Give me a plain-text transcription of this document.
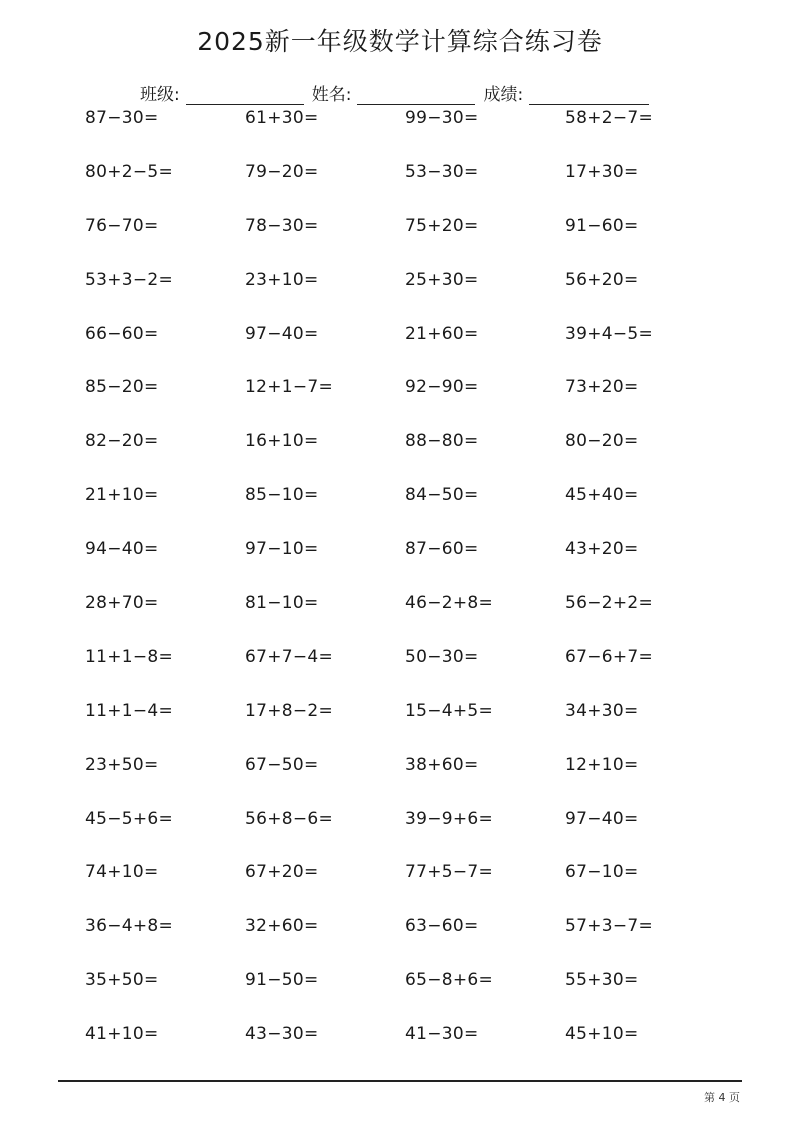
2025新一年级数学计算综合练习卷
班级:	姓名:	成绩:
87−30=	61+30=	99−30=	58+2−7=
80+2−5=	79−20=	53−30=	17+30=
76−70=	78−30=	75+20=	91−60=
53+3−2=	23+10=	25+30=	56+20=
66−60=	97−40=	21+60=	39+4−5=
85−20=	12+1−7=	92−90=	73+20=
82−20=	16+10=	88−80=	80−20=
21+10=	85−10=	84−50=	45+40=
94−40=	97−10=	87−60=	43+20=
28+70=	81−10=	46−2+8=	56−2+2=
11+1−8=	67+7−4=	50−30=	67−6+7=
11+1−4=	17+8−2=	15−4+5=	34+30=
23+50=	67−50=	38+60=	12+10=
45−5+6=	56+8−6=	39−9+6=	97−40=
74+10=	67+20=	77+5−7=	67−10=
36−4+8=	32+60=	63−60=	57+3−7=
35+50=	91−50=	65−8+6=	55+30=
41+10=	43−30=	41−30=	45+10=
第 4 页
